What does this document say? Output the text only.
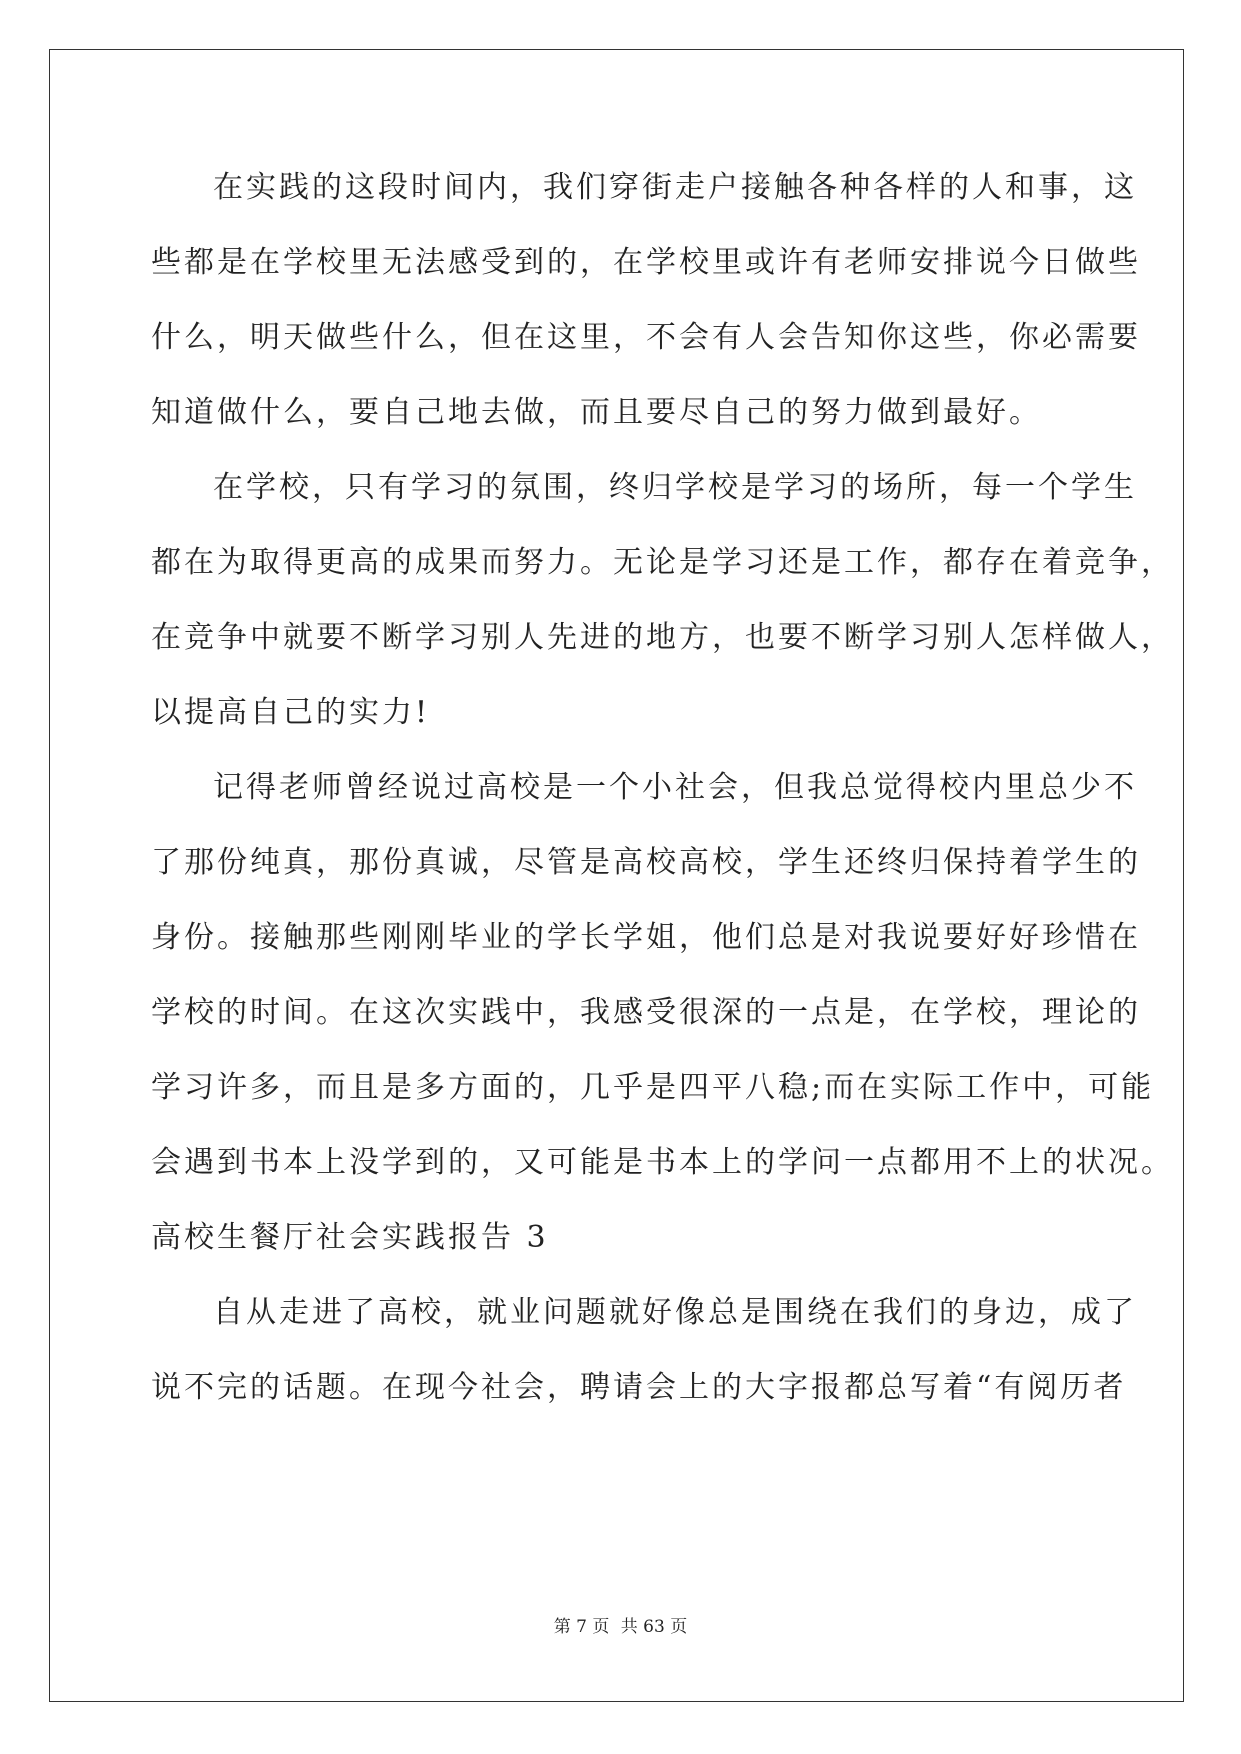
在实践的这段时间内，我们穿街走户接触各种各样的人和事，这
些都是在学校里无法感受到的，在学校里或许有老师安排说今日做些
什么，明天做些什么，但在这里，不会有人会告知你这些，你必需要
知道做什么，要自己地去做，而且要尽自己的努力做到最好。
在学校，只有学习的氛围，终归学校是学习的场所，每一个学生
都在为取得更高的成果而努力。无论是学习还是工作，都存在着竞争，
在竞争中就要不断学习别人先进的地方，也要不断学习别人怎样做人，
以提高自己的实力!
记得老师曾经说过高校是一个小社会，但我总觉得校内里总少不
了那份纯真，那份真诚，尽管是高校高校，学生还终归保持着学生的
身份。接触那些刚刚毕业的学长学姐，他们总是对我说要好好珍惜在
学校的时间。在这次实践中，我感受很深的一点是，在学校，理论的
学习许多，而且是多方面的，几乎是四平八稳;而在实际工作中，可能
会遇到书本上没学到的，又可能是书本上的学问一点都用不上的状况。
高校生餐厅社会实践报告 3
自从走进了高校，就业问题就好像总是围绕在我们的身边，成了
说不完的话题。在现今社会，聘请会上的大字报都总写着“有阅历者
第 7 页 共 63 页
